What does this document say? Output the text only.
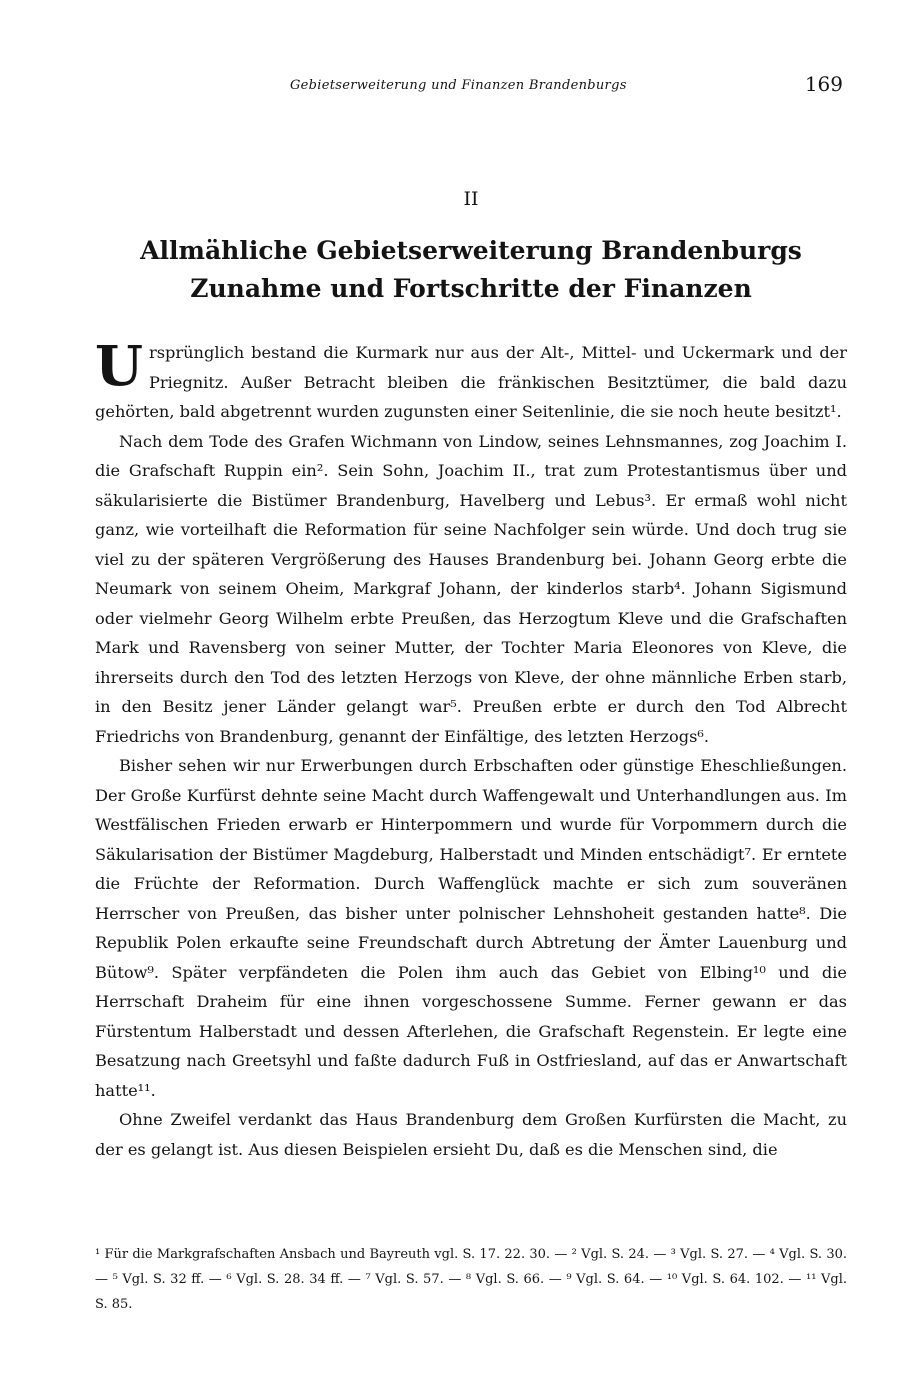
Gebietserweiterung und Finanzen Brandenburgs	169
II
Allmähliche Gebietserweiterung Brandenburgs
Zunahme und Fortschritte der Finanzen

Ursprünglich bestand die Kurmark nur aus der Alt-, Mittel- und Uckermark und der Priegnitz. Außer Betracht bleiben die fränkischen Besitztümer, die bald dazu gehörten, bald abgetrennt wurden zugunsten einer Seitenlinie, die sie noch heute besitzt¹.

Nach dem Tode des Grafen Wichmann von Lindow, seines Lehnsmannes, zog Joachim I. die Grafschaft Ruppin ein². Sein Sohn, Joachim II., trat zum Protestantismus über und säkularisierte die Bistümer Brandenburg, Havelberg und Lebus³. Er ermaß wohl nicht ganz, wie vorteilhaft die Reformation für seine Nachfolger sein würde. Und doch trug sie viel zu der späteren Vergrößerung des Hauses Brandenburg bei. Johann Georg erbte die Neumark von seinem Oheim, Markgraf Johann, der kinderlos starb⁴. Johann Sigismund oder vielmehr Georg Wilhelm erbte Preußen, das Herzogtum Kleve und die Grafschaften Mark und Ravensberg von seiner Mutter, der Tochter Maria Eleonores von Kleve, die ihrerseits durch den Tod des letzten Herzogs von Kleve, der ohne männliche Erben starb, in den Besitz jener Länder gelangt war⁵. Preußen erbte er durch den Tod Albrecht Friedrichs von Brandenburg, genannt der Einfältige, des letzten Herzogs⁶.

Bisher sehen wir nur Erwerbungen durch Erbschaften oder günstige Eheschließungen. Der Große Kurfürst dehnte seine Macht durch Waffengewalt und Unterhandlungen aus. Im Westfälischen Frieden erwarb er Hinterpommern und wurde für Vorpommern durch die Säkularisation der Bistümer Magdeburg, Halberstadt und Minden entschädigt⁷. Er erntete die Früchte der Reformation. Durch Waffenglück machte er sich zum souveränen Herrscher von Preußen, das bisher unter polnischer Lehnshoheit gestanden hatte⁸. Die Republik Polen erkaufte seine Freundschaft durch Abtretung der Ämter Lauenburg und Bütow⁹. Später verpfändeten die Polen ihm auch das Gebiet von Elbing¹⁰ und die Herrschaft Draheim für eine ihnen vorgeschossene Summe. Ferner gewann er das Fürstentum Halberstadt und dessen Afterlehen, die Grafschaft Regenstein. Er legte eine Besatzung nach Greetsyhl und faßte dadurch Fuß in Ostfriesland, auf das er Anwartschaft hatte¹¹.

Ohne Zweifel verdankt das Haus Brandenburg dem Großen Kurfürsten die Macht, zu der es gelangt ist. Aus diesen Beispielen ersieht Du, daß es die Menschen sind, die

¹ Für die Markgrafschaften Ansbach und Bayreuth vgl. S. 17. 22. 30. — ² Vgl. S. 24. — ³ Vgl. S. 27. — ⁴ Vgl. S. 30. — ⁵ Vgl. S. 32 ff. — ⁶ Vgl. S. 28. 34 ff. — ⁷ Vgl. S. 57. — ⁸ Vgl. S. 66. — ⁹ Vgl. S. 64. — ¹⁰ Vgl. S. 64. 102. — ¹¹ Vgl. S. 85.
